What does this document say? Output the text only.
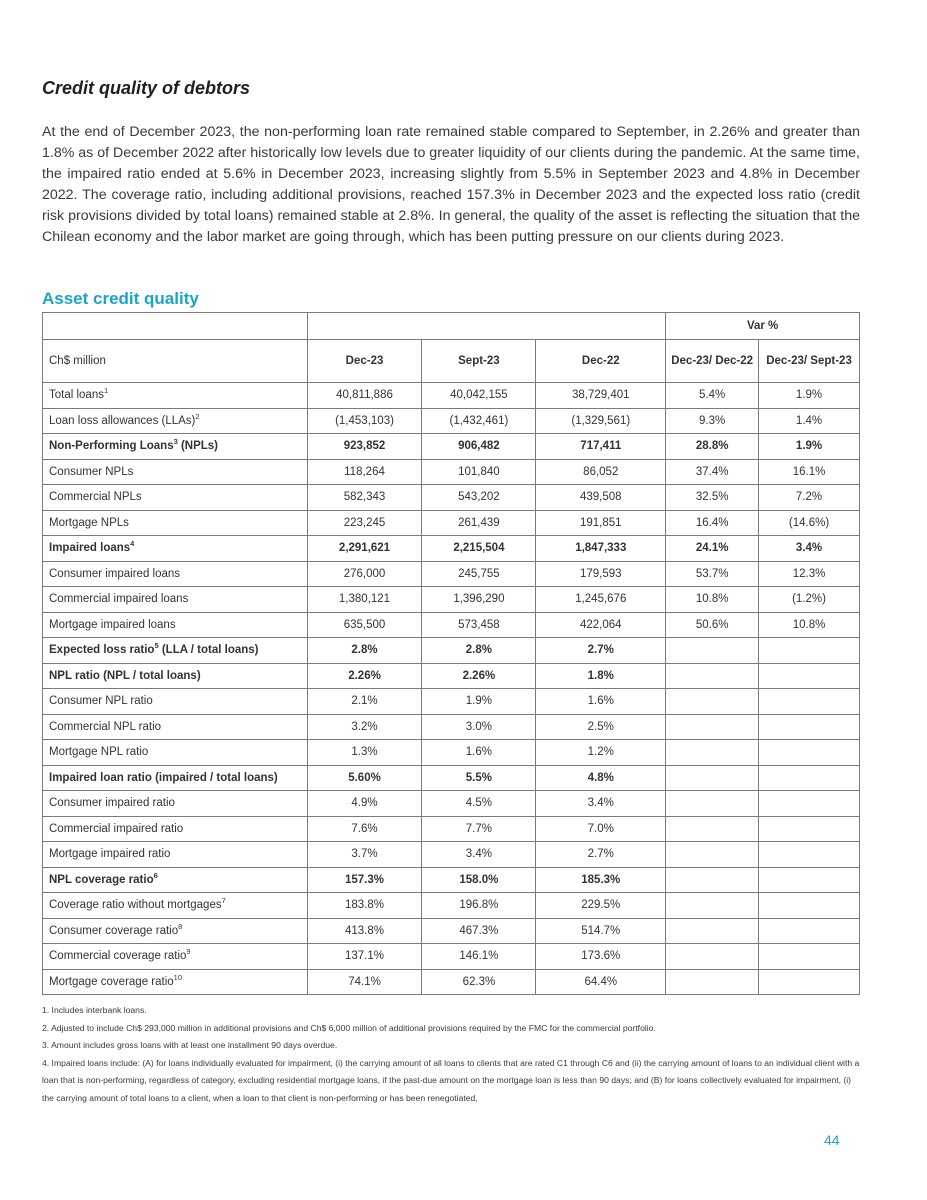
Credit quality of debtors

At the end of December 2023, the non-performing loan rate remained stable compared to September, in 2.26% and greater than 1.8% as of December 2022 after historically low levels due to greater liquidity of our clients during the pandemic. At the same time, the impaired ratio ended at 5.6% in December 2023, increasing slightly from 5.5% in September 2023 and 4.8% in December 2022. The coverage ratio, including additional provisions, reached 157.3% in December 2023 and the expected loss ratio (credit risk provisions divided by total loans) remained stable at 2.8%. In general, the quality of the asset is reflecting the situation that the Chilean economy and the labor market are going through, which has been putting pressure on our clients during 2023.

Asset credit quality
				Var %	
Ch$ million	Dec-23	Sept-23	Dec-22	Dec-23/ Dec-22	Dec-23/ Sept-23
Total loans$^1$	40,811,886	40,042,155	38,729,401	5.4%	1.9%
Loan loss allowances (LLAs)$^2$	(1,453,103)	(1,432,461)	(1,329,561)	9.3%	1.4%
Non-Performing Loans$^3$ (NPLs)	923,852	906,482	717,411	28.8%	1.9%
Consumer NPLs	118,264	101,840	86,052	37.4%	16.1%
Commercial NPLs	582,343	543,202	439,508	32.5%	7.2%
Mortgage NPLs	223,245	261,439	191,851	16.4%	(14.6%)
Impaired loans$^4$	2,291,621	2,215,504	1,847,333	24.1%	3.4%
Consumer impaired loans	276,000	245,755	179,593	53.7%	12.3%
Commercial impaired loans	1,380,121	1,396,290	1,245,676	10.8%	(1.2%)
Mortgage impaired loans	635,500	573,458	422,064	50.6%	10.8%
Expected loss ratio$^5$ (LLA / total loans)	2.8%	2.8%	2.7%		
NPL ratio (NPL / total loans)	2.26%	2.26%	1.8%		
Consumer NPL ratio	2.1%	1.9%	1.6%		
Commercial NPL ratio	3.2%	3.0%	2.5%		
Mortgage NPL ratio	1.3%	1.6%	1.2%		
Impaired loan ratio (impaired / total loans)	5.60%	5.5%	4.8%		
Consumer impaired ratio	4.9%	4.5%	3.4%		
Commercial impaired ratio	7.6%	7.7%	7.0%		
Mortgage impaired ratio	3.7%	3.4%	2.7%		
NPL coverage ratio$^6$	157.3%	158.0%	185.3%		
Coverage ratio without mortgages$^7$	183.8%	196.8%	229.5%		
Consumer coverage ratio$^8$	413.8%	467.3%	514.7%		
Commercial coverage ratio$^9$	137.1%	146.1%	173.6%		
Mortgage coverage ratio$^{10}$	74.1%	62.3%	64.4%		
1. Includes interbank loans.
2. Adjusted to include Ch$ 293,000 million in additional provisions and Ch$ 6,000 million of additional provisions required by the FMC for the commercial portfolio.
3. Amount includes gross loans with at least one installment 90 days overdue.
4. Impaired loans include: (A) for loans individually evaluated for impairment, (i) the carrying amount of all loans to clients that are rated C1 through C6 and (ii) the carrying amount of loans to an individual client with a loan that is non-performing, regardless of category, excluding residential mortgage loans, if the past-due amount on the mortgage loan is less than 90 days; and (B) for loans collectively evaluated for impairment, (i) the carrying amount of total loans to a client, when a loan to that client is non-performing or has been renegotiated,
44
